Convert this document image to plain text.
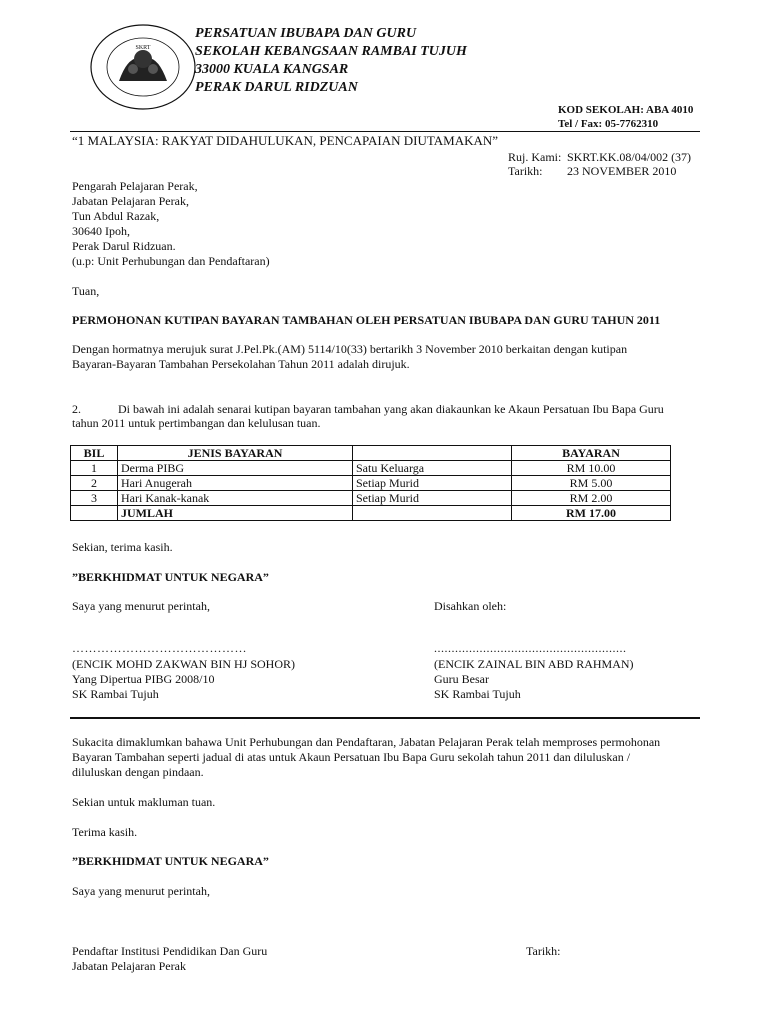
SKRT
PERSATUAN IBUBAPA DAN GURU
SEKOLAH KEBANGSAAN RAMBAI TUJUH
33000 KUALA KANGSAR
PERAK DARUL RIDZUAN
KOD SEKOLAH: ABA 4010
Tel / Fax: 05-7762310
“1 MALAYSIA: RAKYAT DIDAHULUKAN, PENCAPAIAN DIUTAMAKAN”
Ruj. Kami: SKRT.KK.08/04/002 (37)
Tarikh: 23 NOVEMBER 2010
Pengarah Pelajaran Perak,
Jabatan Pelajaran Perak,
Tun Abdul Razak,
30640 Ipoh,
Perak Darul Ridzuan.
(u.p: Unit Perhubungan dan Pendaftaran)
Tuan,
PERMOHONAN KUTIPAN BAYARAN TAMBAHAN OLEH PERSATUAN IBUBAPA DAN GURU TAHUN 2011
Dengan hormatnya merujuk surat J.Pel.Pk.(AM) 5114/10(33) bertarikh 3 November 2010 berkaitan dengan kutipan
Bayaran-Bayaran Tambahan Persekolahan Tahun 2011 adalah dirujuk.
2.	Di bawah ini adalah senarai kutipan bayaran tambahan yang akan diakaunkan ke Akaun Persatuan Ibu Bapa Guru
tahun 2011 untuk pertimbangan dan kelulusan tuan.
BIL	JENIS BAYARAN		BAYARAN
1	Derma PIBG	Satu Keluarga	RM 10.00
2	Hari Anugerah	Setiap Murid	RM 5.00
3	Hari Kanak-kanak	Setiap Murid	RM 2.00
	JUMLAH		RM 17.00
Sekian, terima kasih.
”BERKHIDMAT UNTUK NEGARA”
Saya yang menurut perintah,	Disahkan oleh:
……………………………………	.......................................................
(ENCIK MOHD ZAKWAN BIN HJ SOHOR)
Yang Dipertua PIBG 2008/10
SK Rambai Tujuh
(ENCIK ZAINAL BIN ABD RAHMAN)
Guru Besar
SK Rambai Tujuh
Sukacita dimaklumkan bahawa Unit Perhubungan dan Pendaftaran, Jabatan Pelajaran Perak telah memproses permohonan
Bayaran Tambahan seperti jadual di atas untuk Akaun Persatuan Ibu Bapa Guru sekolah tahun 2011 dan diluluskan /
diluluskan dengan pindaan.
Sekian untuk makluman tuan.
Terima kasih.
”BERKHIDMAT UNTUK NEGARA”
Saya yang menurut perintah,
Pendaftar Institusi Pendidikan Dan Guru
Jabatan Pelajaran Perak
Tarikh:
